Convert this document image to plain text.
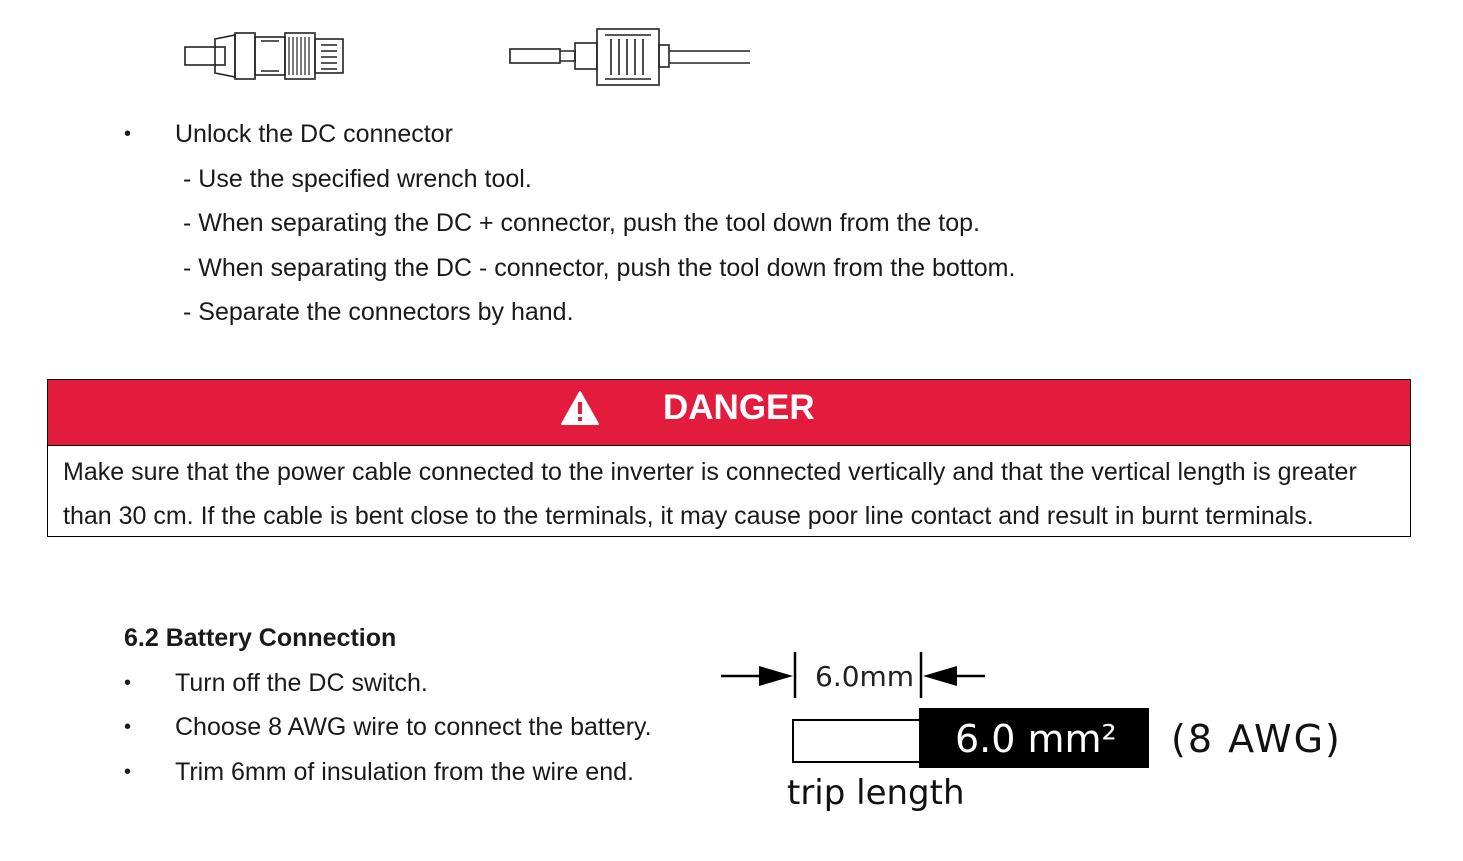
• Unlock the DC connector
- Use the specified wrench tool.
- When separating the DC + connector, push the tool down from the top.
- When separating the DC - connector, push the tool down from the bottom.
- Separate the connectors by hand.
DANGER
Make sure that the power cable connected to the inverter is connected vertically and that the vertical length is greater
than 30 cm. If the cable is bent close to the terminals, it may cause poor line contact and result in burnt terminals.
6.2 Battery Connection
• Turn off the DC switch.
• Choose 8 AWG wire to connect the battery.
• Trim 6mm of insulation from the wire end.
6.0mm
6.0 mm² (8 AWG)
trip length
